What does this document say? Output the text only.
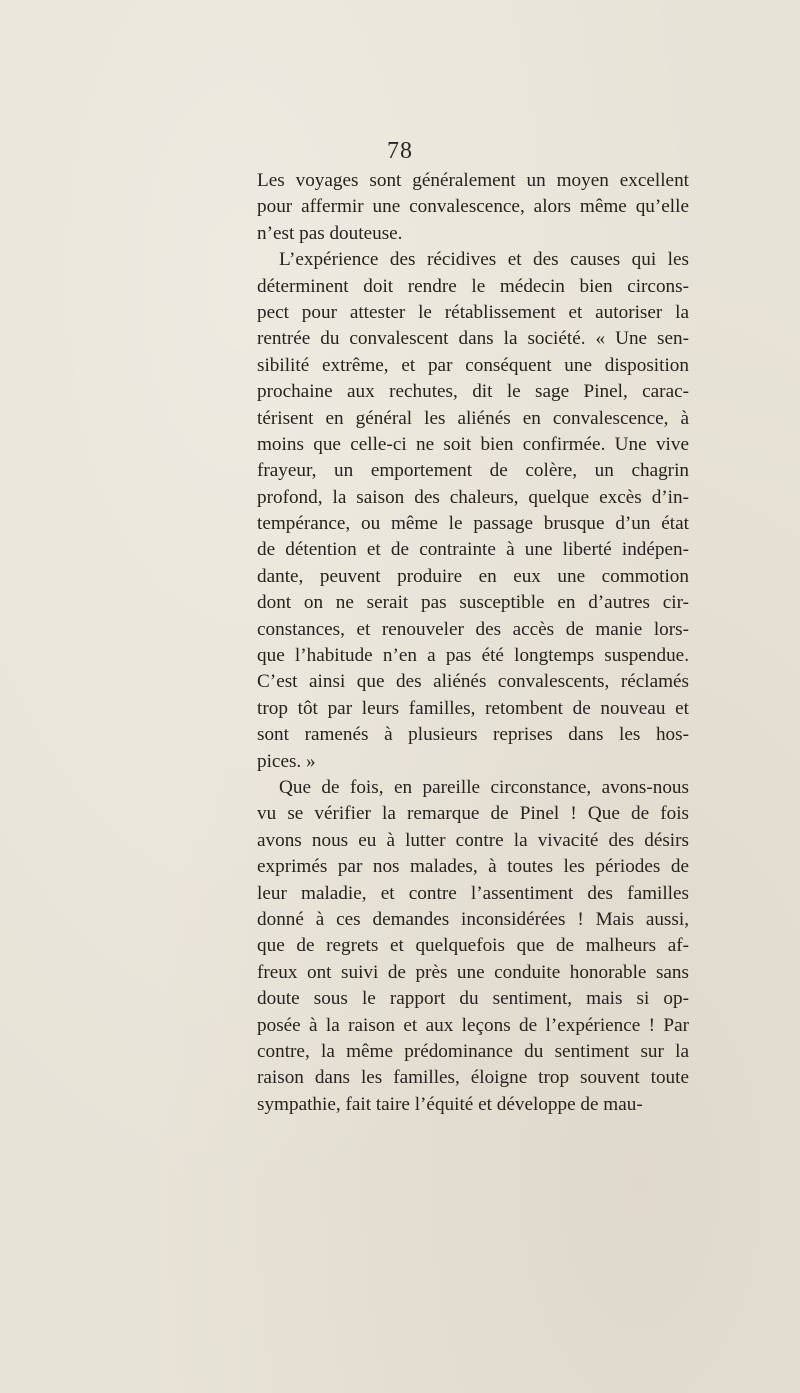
78
Les voyages sont généralement un moyen excellent
pour affermir une convalescence, alors même qu’elle
n’est pas douteuse.
L’expérience des récidives et des causes qui les
déterminent doit rendre le médecin bien circons-
pect pour attester le rétablissement et autoriser la
rentrée du convalescent dans la société. « Une sen-
sibilité extrême, et par conséquent une disposition
prochaine aux rechutes, dit le sage Pinel, carac-
térisent en général les aliénés en convalescence, à
moins que celle-ci ne soit bien confirmée. Une vive
frayeur, un emportement de colère, un chagrin
profond, la saison des chaleurs, quelque excès d’in-
tempérance, ou même le passage brusque d’un état
de détention et de contrainte à une liberté indépen-
dante, peuvent produire en eux une commotion
dont on ne serait pas susceptible en d’autres cir-
constances, et renouveler des accès de manie lors-
que l’habitude n’en a pas été longtemps suspendue.
C’est ainsi que des aliénés convalescents, réclamés
trop tôt par leurs familles, retombent de nouveau et
sont ramenés à plusieurs reprises dans les hos-
pices. »
Que de fois, en pareille circonstance, avons-nous
vu se vérifier la remarque de Pinel ! Que de fois
avons nous eu à lutter contre la vivacité des désirs
exprimés par nos malades, à toutes les périodes de
leur maladie, et contre l’assentiment des familles
donné à ces demandes inconsidérées ! Mais aussi,
que de regrets et quelquefois que de malheurs af-
freux ont suivi de près une conduite honorable sans
doute sous le rapport du sentiment, mais si op-
posée à la raison et aux leçons de l’expérience ! Par
contre, la même prédominance du sentiment sur la
raison dans les familles, éloigne trop souvent toute
sympathie, fait taire l’équité et développe de mau-
